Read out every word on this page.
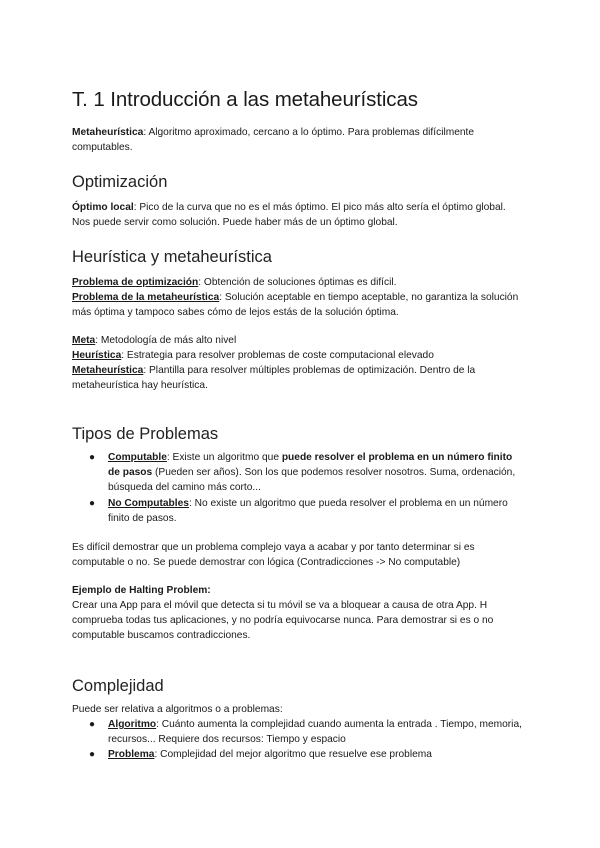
T. 1 Introducción a las metaheurísticas

Metaheurística: Algoritmo aproximado, cercano a lo óptimo. Para problemas difícilmente computables.

Optimización

Óptimo local: Pico de la curva que no es el más óptimo. El pico más alto sería el óptimo global. Nos puede servir como solución. Puede haber más de un óptimo global.

Heurística y metaheurística

Problema de optimización: Obtención de soluciones óptimas es difícil.

Problema de la metaheurística: Solución aceptable en tiempo aceptable, no garantiza la solución más óptima y tampoco sabes cómo de lejos estás de la solución óptima.

Meta: Metodología de más alto nivel

Heurística: Estrategia para resolver problemas de coste computacional elevado

Metaheurística: Plantilla para resolver múltiples problemas de optimización. Dentro de la metaheurística hay heurística.

Tipos de Problemas
● Computable: Existe un algoritmo que puede resolver el problema en un número finito de pasos (Pueden ser años). Son los que podemos resolver nosotros. Suma, ordenación, búsqueda del camino más corto...
● No Computables: No existe un algoritmo que pueda resolver el problema en un número finito de pasos.

Es difícil demostrar que un problema complejo vaya a acabar y por tanto determinar si es computable o no. Se puede demostrar con lógica (Contradicciones -> No computable)

Ejemplo de Halting Problem:

Crear una App para el móvil que detecta si tu móvil se va a bloquear a causa de otra App. H comprueba todas tus aplicaciones, y no podría equivocarse nunca. Para demostrar si es o no computable buscamos contradicciones.

Complejidad

Puede ser relativa a algoritmos o a problemas:

● Algoritmo: Cuánto aumenta la complejidad cuando aumenta la entrada . Tiempo, memoria, recursos... Requiere dos recursos: Tiempo y espacio
● Problema: Complejidad del mejor algoritmo que resuelve ese problema
